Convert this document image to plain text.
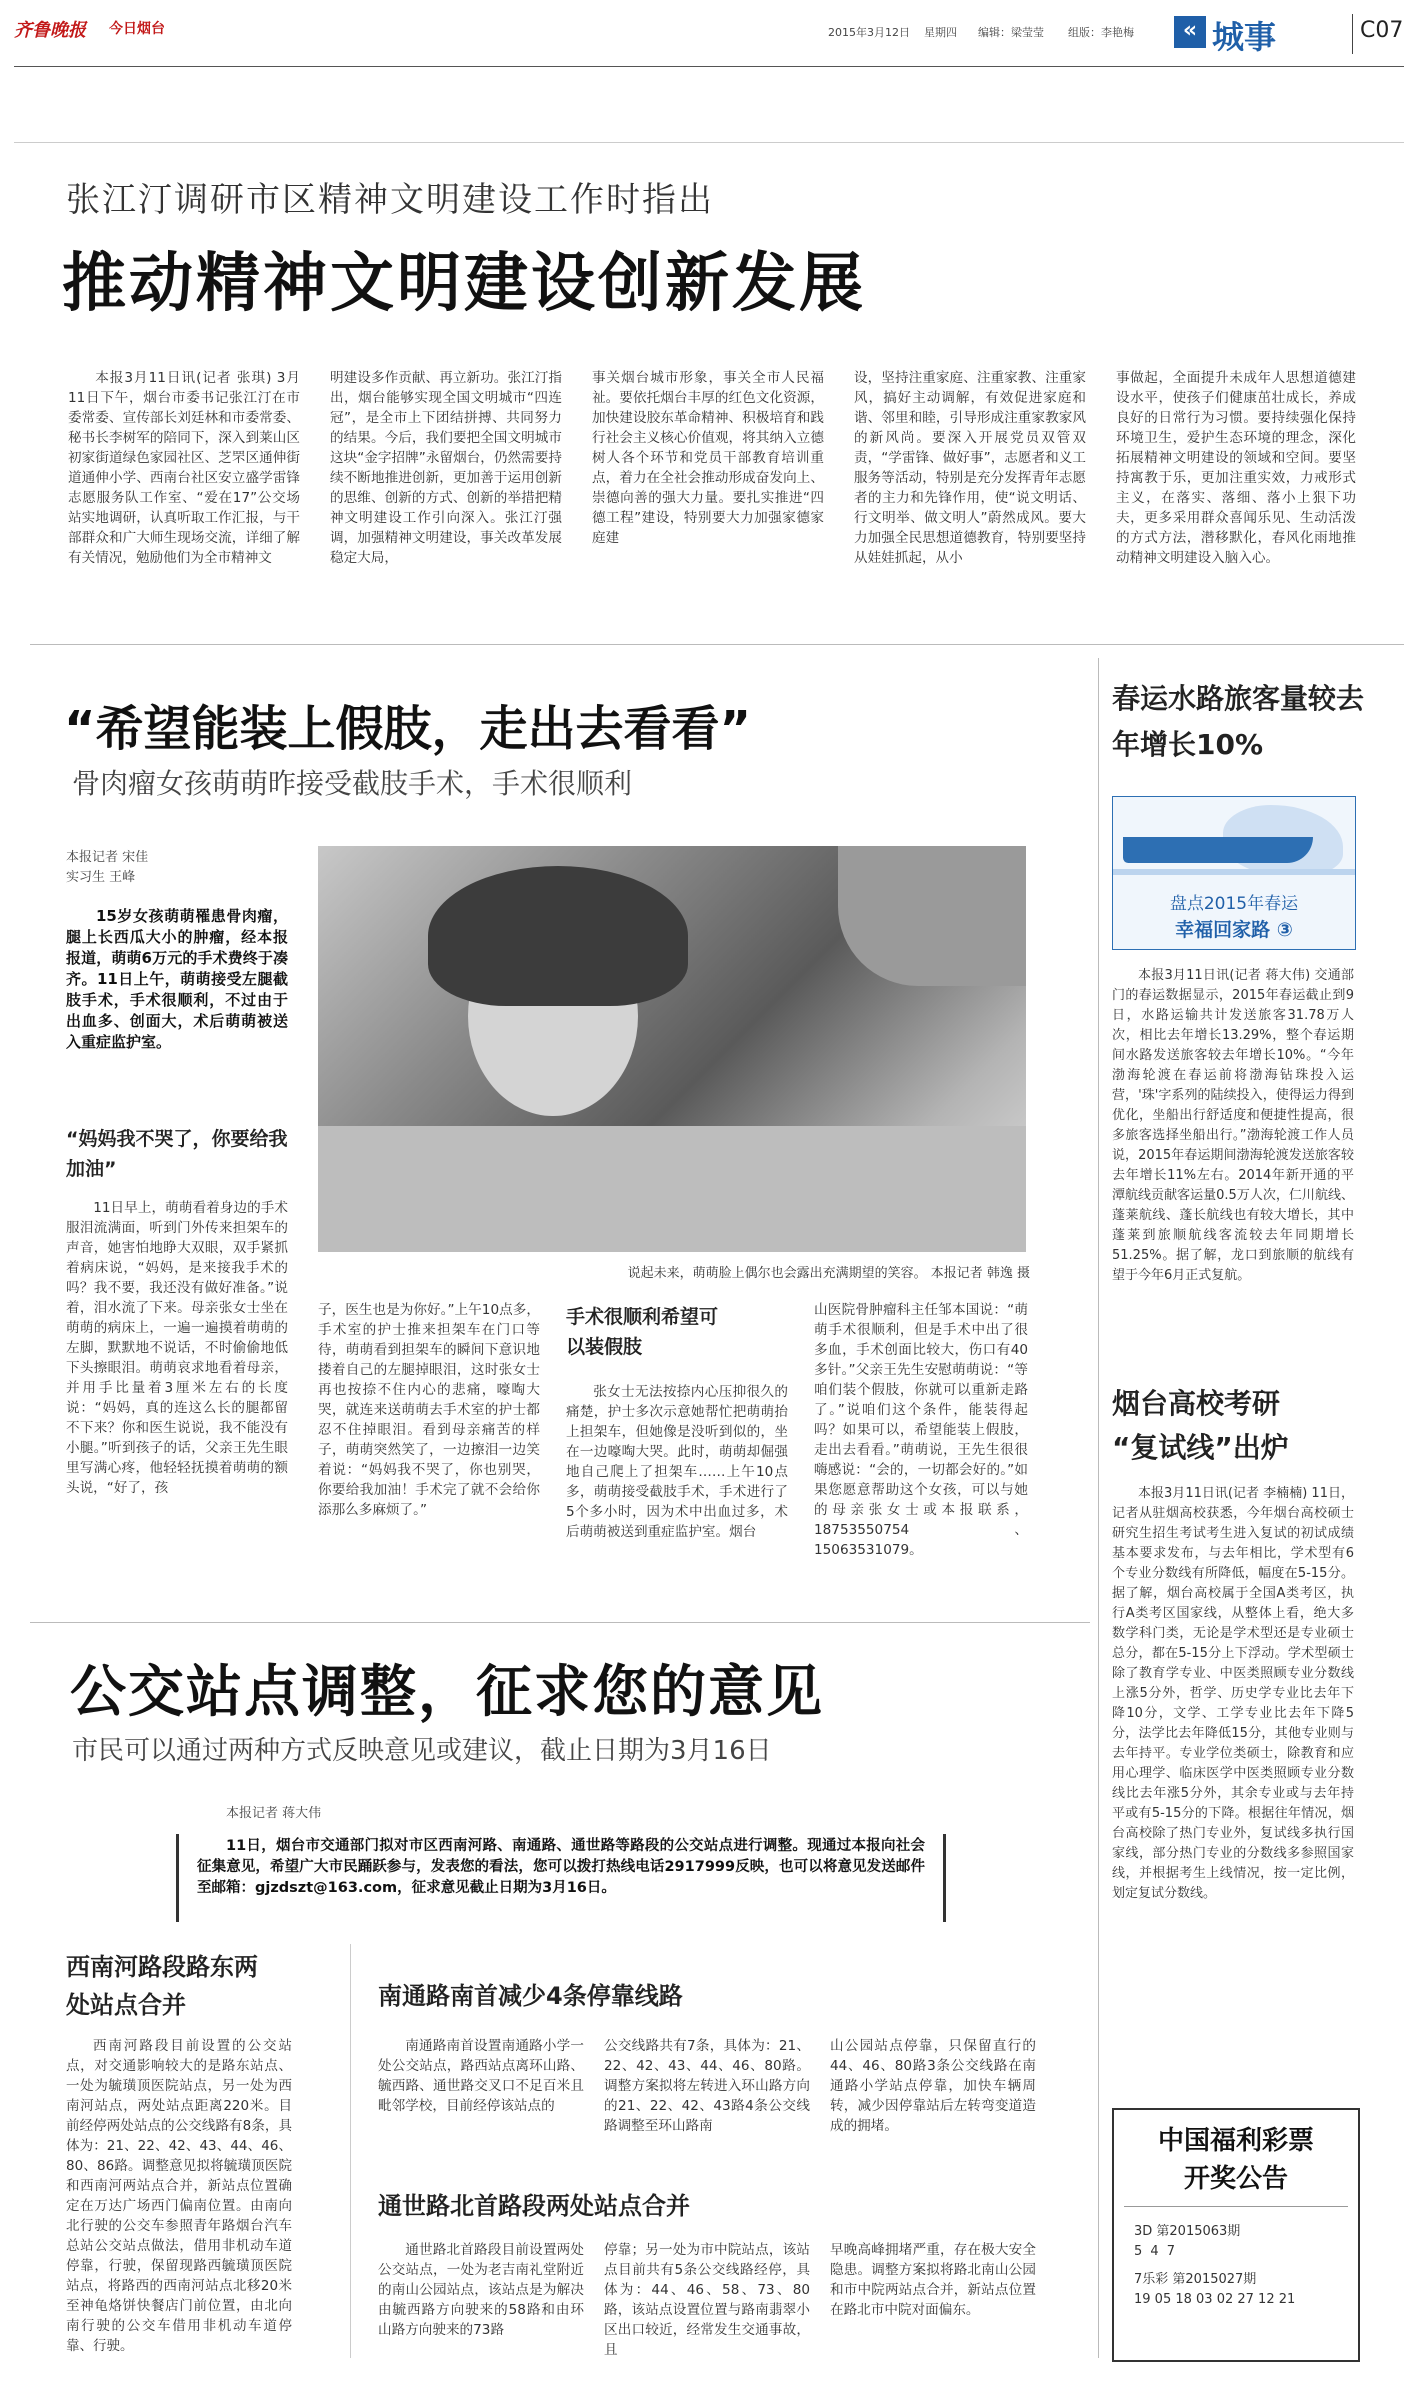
齐鲁晚报 今日烟台	2015年3月12日 星期四 编辑：梁莹莹 组版：李艳梅	« 城事	C07
张江汀调研市区精神文明建设工作时指出
推动精神文明建设创新发展

本报3月11日讯(记者 张琪) 3月11日下午，烟台市委书记张江汀在市委常委、宣传部长刘廷林和市委常委、秘书长李树军的陪同下，深入到莱山区初家街道绿色家园社区、芝罘区通伸街道通伸小学、西南台社区安立盛学雷锋志愿服务队工作室、“爱在17”公交场站实地调研，认真听取工作汇报，与干部群众和广大师生现场交流，详细了解有关情况，勉励他们为全市精神文

明建设多作贡献、再立新功。张江汀指出，烟台能够实现全国文明城市“四连冠”，是全市上下团结拼搏、共同努力的结果。今后，我们要把全国文明城市这块“金字招牌”永留烟台，仍然需要持续不断地推进创新，更加善于运用创新的思维、创新的方式、创新的举措把精神文明建设工作引向深入。张江汀强调，加强精神文明建设，事关改革发展稳定大局，

事关烟台城市形象，事关全市人民福祉。要依托烟台丰厚的红色文化资源，加快建设胶东革命精神、积极培育和践行社会主义核心价值观，将其纳入立德树人各个环节和党员干部教育培训重点，着力在全社会推动形成奋发向上、崇德向善的强大力量。要扎实推进“四德工程”建设，特别要大力加强家德家庭建

设，坚持注重家庭、注重家教、注重家风，搞好主动调解，有效促进家庭和谐、邻里和睦，引导形成注重家教家风的新风尚。要深入开展党员双管双责，“学雷锋、做好事”，志愿者和义工服务等活动，特别是充分发挥青年志愿者的主力和先锋作用，使“说文明话、行文明举、做文明人”蔚然成风。要大力加强全民思想道德教育，特别要坚持从娃娃抓起，从小

事做起，全面提升未成年人思想道德建设水平，使孩子们健康茁壮成长，养成良好的日常行为习惯。要持续强化保持环境卫生，爱护生态环境的理念，深化拓展精神文明建设的领域和空间。要坚持寓教于乐，更加注重实效，力戒形式主义，在落实、落细、落小上狠下功夫，更多采用群众喜闻乐见、生动活泼的方式方法，潜移默化，春风化雨地推动精神文明建设入脑入心。

“希望能装上假肢，走出去看看”
骨肉瘤女孩萌萌昨接受截肢手术，手术很顺利
本报记者 宋佳
实习生 王峰

15岁女孩萌萌罹患骨肉瘤，腿上长西瓜大小的肿瘤，经本报报道，萌萌6万元的手术费终于凑齐。11日上午，萌萌接受左腿截肢手术，手术很顺利，不过由于出血多、创面大，术后萌萌被送入重症监护室。

“妈妈我不哭了，你要给我加油”

11日早上，萌萌看着身边的手术服泪流满面，听到门外传来担架车的声音，她害怕地睁大双眼，双手紧抓着病床说，“妈妈，是来接我手术的吗？我不要，我还没有做好准备。”说着，泪水流了下来。母亲张女士坐在萌萌的病床上，一遍一遍摸着萌萌的左脚，默默地不说话，不时偷偷地低下头擦眼泪。萌萌哀求地看着母亲，并用手比量着3厘米左右的长度说：“妈妈，真的连这么长的腿都留不下来？你和医生说说，我不能没有小腿。”听到孩子的话，父亲王先生眼里写满心疼，他轻轻抚摸着萌萌的额头说，“好了，孩

说起未来，萌萌脸上偶尔也会露出充满期望的笑容。 本报记者 韩逸 摄

子，医生也是为你好。”上午10点多，手术室的护士推来担架车在门口等待，萌萌看到担架车的瞬间下意识地搂着自己的左腿掉眼泪，这时张女士再也按捺不住内心的悲痛，嚎啕大哭，就连来送萌萌去手术室的护士都忍不住掉眼泪。看到母亲痛苦的样子，萌萌突然笑了，一边擦泪一边笑着说：“妈妈我不哭了，你也别哭，你要给我加油！手术完了就不会给你添那么多麻烦了。”

手术很顺利希望可以装假肢

张女士无法按捺内心压抑很久的痛楚，护士多次示意她帮忙把萌萌抬上担架车，但她像是没听到似的，坐在一边嚎啕大哭。此时，萌萌却倔强地自己爬上了担架车……上午10点多，萌萌接受截肢手术，手术进行了5个多小时，因为术中出血过多，术后萌萌被送到重症监护室。烟台

山医院骨肿瘤科主任邹本国说：“萌萌手术很顺利，但是手术中出了很多血，手术创面比较大，伤口有40多针。”父亲王先生安慰萌萌说：“等咱们装个假肢，你就可以重新走路了。”说咱们这个条件，能装得起吗？如果可以，希望能装上假肢，走出去看看。”萌萌说，王先生很很嗨感说：“会的，一切都会好的。”如果您愿意帮助这个女孩，可以与她的母亲张女士或本报联系，18753550754、15063531079。

春运水路旅客量较去年增长10%
盘点2015年春运
幸福回家路 ③

本报3月11日讯(记者 蒋大伟) 交通部门的春运数据显示，2015年春运截止到9日，水路运输共计发送旅客31.78万人次，相比去年增长13.29%，整个春运期间水路发送旅客较去年增长10%。“今年渤海轮渡在春运前将渤海钻珠投入运营，'珠'字系列的陆续投入，使得运力得到优化，坐船出行舒适度和便捷性提高，很多旅客选择坐船出行。”渤海轮渡工作人员说，2015年春运期间渤海轮渡发送旅客较去年增长11%左右。2014年新开通的平潭航线贡献客运量0.5万人次，仁川航线、蓬莱航线、蓬长航线也有较大增长，其中蓬莱到旅顺航线客流较去年同期增长51.25%。据了解，龙口到旅顺的航线有望于今年6月正式复航。

烟台高校考研
“复试线”出炉

本报3月11日讯(记者 李楠楠) 11日，记者从驻烟高校获悉，今年烟台高校硕士研究生招生考试考生进入复试的初试成绩基本要求发布，与去年相比，学术型有6个专业分数线有所降低，幅度在5-15分。据了解，烟台高校属于全国A类考区，执行A类考区国家线，从整体上看，绝大多数学科门类，无论是学术型还是专业硕士总分，都在5-15分上下浮动。学术型硕士除了教育学专业、中医类照顾专业分数线上涨5分外，哲学、历史学专业比去年下降10分，文学、工学专业比去年下降5分，法学比去年降低15分，其他专业则与去年持平。专业学位类硕士，除教育和应用心理学、临床医学中医类照顾专业分数线比去年涨5分外，其余专业或与去年持平或有5-15分的下降。根据往年情况，烟台高校除了热门专业外，复试线多执行国家线，部分热门专业的分数线多参照国家线，并根据考生上线情况，按一定比例，划定复试分数线。

中国福利彩票
开奖公告
3D 第2015063期
5 4 7
7乐彩 第2015027期
19 05 18 03 02 27 12 21
公交站点调整，征求您的意见
市民可以通过两种方式反映意见或建议，截止日期为3月16日
本报记者 蒋大伟

11日，烟台市交通部门拟对市区西南河路、南通路、通世路等路段的公交站点进行调整。现通过本报向社会征集意见，希望广大市民踊跃参与，发表您的看法，您可以拨打热线电话2917999反映，也可以将意见发送邮件至邮箱：gjzdszt@163.com，征求意见截止日期为3月16日。

西南河路段路东两处站点合并

西南河路段目前设置的公交站点，对交通影响较大的是路东站点、一处为毓璜顶医院站点，另一处为西南河站点，两处站点距离220米。目前经停两处站点的公交线路有8条，具体为：21、22、42、43、44、46、80、86路。调整意见拟将毓璜顶医院和西南河两站点合并，新站点位置确定在万达广场西门偏南位置。由南向北行驶的公交车参照青年路烟台汽车总站公交站点做法，借用非机动车道停靠，行驶，保留现路西毓璜顶医院站点，将路西的西南河站点北移20米至神龟烙饼快餐店门前位置，由北向南行驶的公交车借用非机动车道停靠、行驶。

南通路南首减少4条停靠线路

南通路南首设置南通路小学一处公交站点，路西站点离环山路、毓西路、通世路交叉口不足百米且毗邻学校，目前经停该站点的

公交线路共有7条，具体为：21、22、42、43、44、46、80路。调整方案拟将左转进入环山路方向的21、22、42、43路4条公交线路调整至环山路南

山公园站点停靠，只保留直行的44、46、80路3条公交线路在南通路小学站点停靠，加快车辆周转，减少因停靠站后左转弯变道造成的拥堵。

通世路北首路段两处站点合并

通世路北首路段目前设置两处公交站点，一处为老吉南礼堂附近的南山公园站点，该站点是为解决由毓西路方向驶来的58路和由环山路方向驶来的73路

停靠；另一处为市中院站点，该站点目前共有5条公交线路经停，具体为：44、46、58、73、80路，该站点设置位置与路南翡翠小区出口较近，经常发生交通事故，且

早晚高峰拥堵严重，存在极大安全隐患。调整方案拟将路北南山公园和市中院两站点合并，新站点位置在路北市中院对面偏东。
